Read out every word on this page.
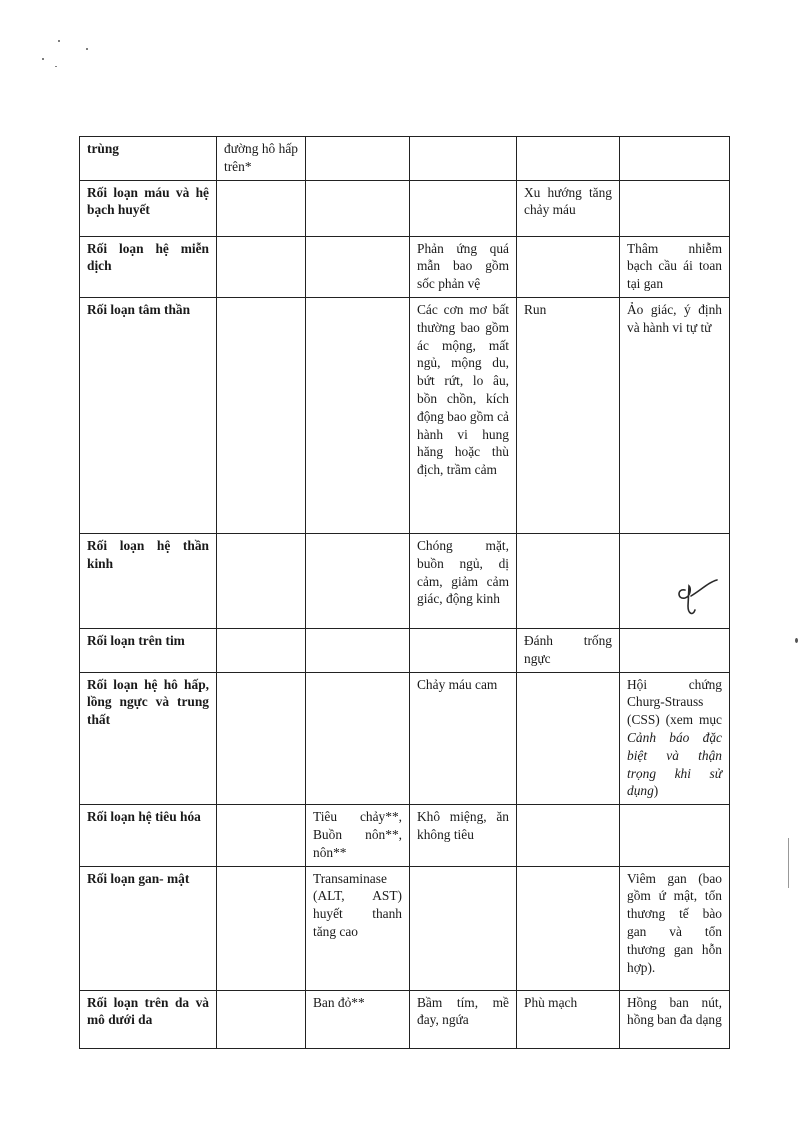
trùng	đường hô hấp trên*				
Rối loạn máu và hệ bạch huyết				Xu hướng tăng chảy máu	
Rối loạn hệ miễn dịch			Phản ứng quá mẫn bao gồm sốc phản vệ		Thâm nhiễm bạch cầu ái toan tại gan
Rối loạn tâm thần			Các cơn mơ bất thường bao gồm ác mộng, mất ngủ, mộng du, bứt rứt, lo âu, bồn chồn, kích động bao gồm cả hành vi hung hăng hoặc thù địch, trầm cảm	Run	Ảo giác, ý định và hành vi tự tử
Rối loạn hệ thần kinh			Chóng mặt, buồn ngủ, dị cảm, giảm cảm giác, động kinh		

Rối loạn trên tim				Đánh trống ngực	
Rối loạn hệ hô hấp, lồng ngực và trung thất			Chảy máu cam		Hội chứng Churg-Strauss (CSS) (xem mục Cảnh báo đặc biệt và thận trọng khi sử dụng)
Rối loạn hệ tiêu hóa		Tiêu chảy**, Buồn nôn**, nôn**	Khô miệng, ăn không tiêu		
Rối loạn gan- mật		Transaminase (ALT, AST) huyết thanh tăng cao			Viêm gan (bao gồm ứ mật, tổn thương tế bào gan và tổn thương gan hỗn hợp).
Rối loạn trên da và mô dưới da		Ban đỏ**	Bầm tím, mề đay, ngứa	Phù mạch	Hồng ban nút, hồng ban đa dạng
